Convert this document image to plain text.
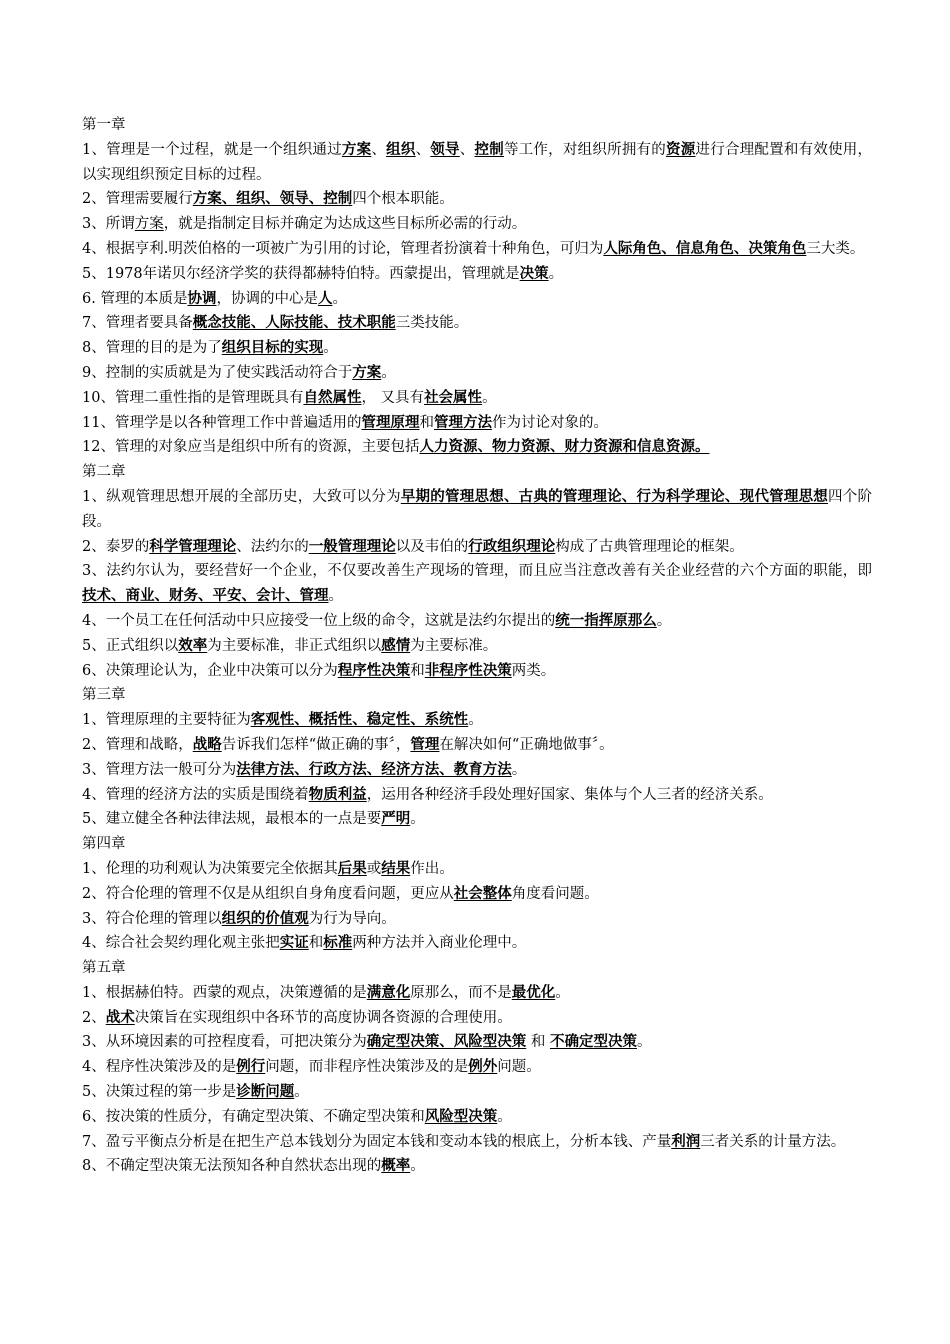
第一章

1、管理是一个过程，就是一个组织通过方案、组织、领导、控制等工作，对组织所拥有的资源进行合理配置和有效使用，以实现组织预定目标的过程。

2、管理需要履行方案、组织、领导、控制四个根本职能。

3、所谓方案，就是指制定目标并确定为达成这些目标所必需的行动。

4、根据亨利.明茨伯格的一项被广为引用的讨论，管理者扮演着十种角色，可归为人际角色、信息角色、决策角色三大类。

5、1978年诺贝尔经济学奖的获得都赫特伯特。西蒙提出，管理就是决策。

6. 管理的本质是协调，协调的中心是人。

7、管理者要具备概念技能、人际技能、技术职能三类技能。

8、管理的目的是为了组织目标的实现。

9、控制的实质就是为了使实践活动符合于方案。

10、管理二重性指的是管理既具有自然属性， 又具有社会属性。

11、管理学是以各种管理工作中普遍适用的管理原理和管理方法作为讨论对象的。

12、管理的对象应当是组织中所有的资源，主要包括人力资源、物力资源、财力资源和信息资源。

第二章

1、纵观管理思想开展的全部历史，大致可以分为早期的管理思想、古典的管理理论、行为科学理论、现代管理思想四个阶段。

2、泰罗的科学管理理论、法约尔的一般管理理论以及韦伯的行政组织理论构成了古典管理理论的框架。

3、法约尔认为，要经营好一个企业，不仅要改善生产现场的管理，而且应当注意改善有关企业经营的六个方面的职能，即技术、商业、财务、平安、会计、管理。

4、一个员工在任何活动中只应接受一位上级的命令，这就是法约尔提出的统一指挥原那么。

5、正式组织以效率为主要标准，非正式组织以感情为主要标准。

6、决策理论认为，企业中决策可以分为程序性决策和非程序性决策两类。

第三章

1、管理原理的主要特征为客观性、概括性、稳定性、系统性。

2、管理和战略，战略告诉我们怎样“做正确的事〞，管理在解决如何“正确地做事〞。

3、管理方法一般可分为法律方法、行政方法、经济方法、教育方法。

4、管理的经济方法的实质是围绕着物质利益，运用各种经济手段处理好国家、集体与个人三者的经济关系。

5、建立健全各种法律法规，最根本的一点是要严明。

第四章

1、伦理的功利观认为决策要完全依据其后果或结果作出。

2、符合伦理的管理不仅是从组织自身角度看问题，更应从社会整体角度看问题。

3、符合伦理的管理以组织的价值观为行为导向。

4、综合社会契约理化观主张把实证和标准两种方法并入商业伦理中。

第五章

1、根据赫伯特。西蒙的观点，决策遵循的是满意化原那么，而不是最优化。

2、战术决策旨在实现组织中各环节的高度协调各资源的合理使用。

3、从环境因素的可控程度看，可把决策分为确定型决策、风险型决策 和 不确定型决策。

4、程序性决策涉及的是例行问题，而非程序性决策涉及的是例外问题。

5、决策过程的第一步是诊断问题。

6、按决策的性质分，有确定型决策、不确定型决策和风险型决策。

7、盈亏平衡点分析是在把生产总本钱划分为固定本钱和变动本钱的根底上，分析本钱、产量利润三者关系的计量方法。

8、不确定型决策无法预知各种自然状态出现的概率。
